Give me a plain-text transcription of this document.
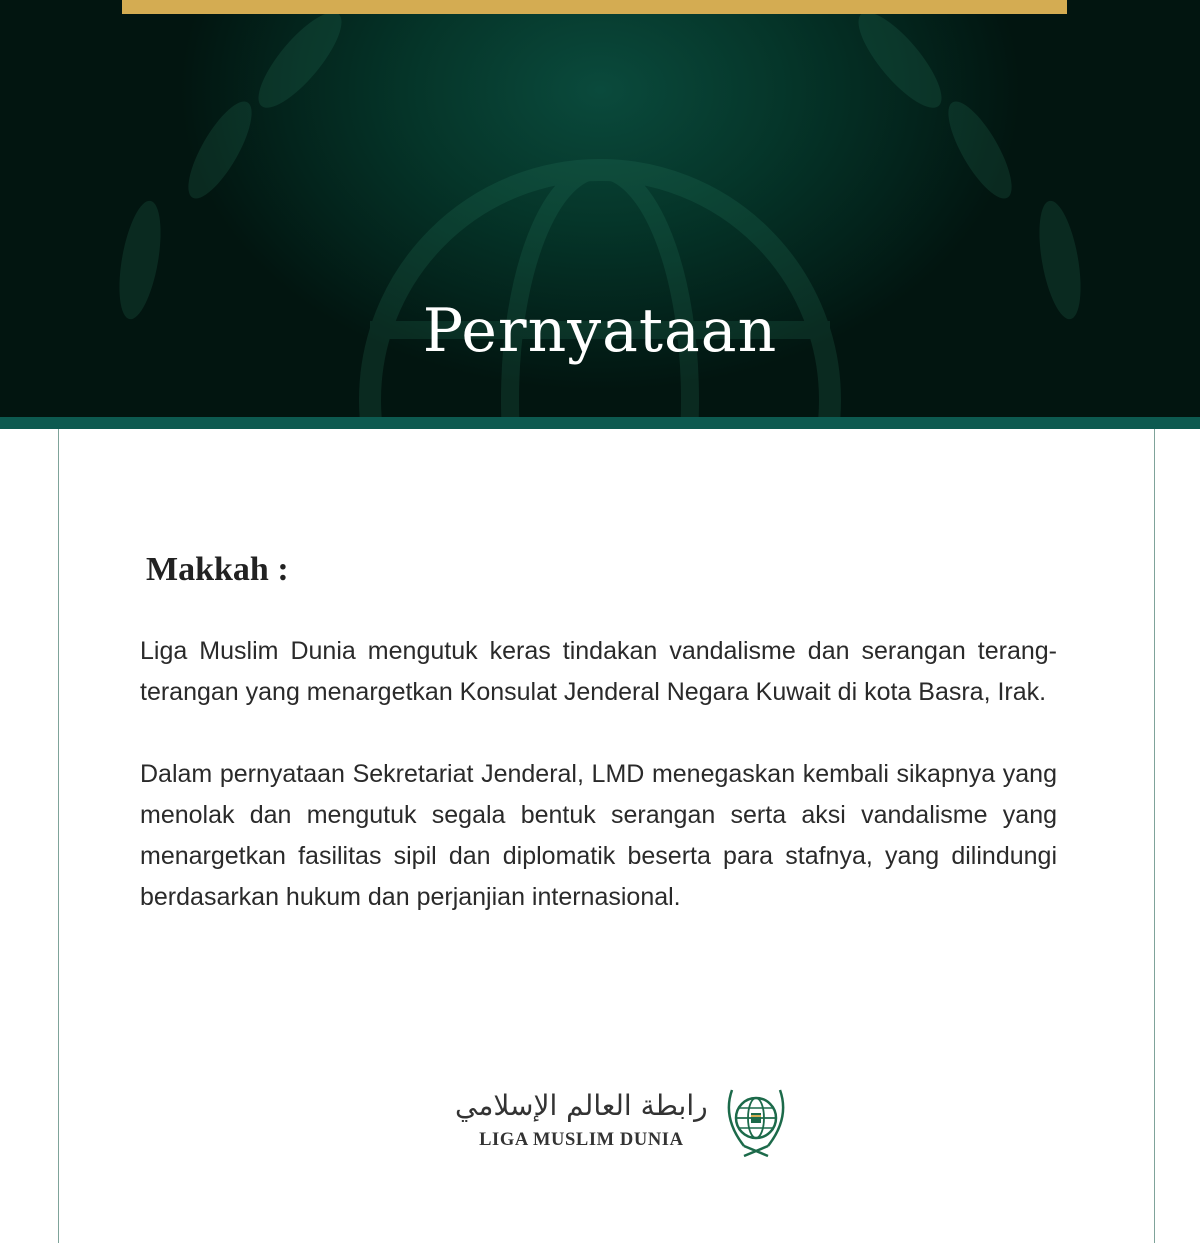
Pernyataan
Makkah :

Liga Muslim Dunia mengutuk keras tindakan vandalisme dan serangan terang-terangan yang menargetkan Konsulat Jenderal Negara Kuwait di kota Basra, Irak.

Dalam pernyataan Sekretariat Jenderal, LMD menegaskan kembali sikapnya yang menolak dan mengutuk segala bentuk serangan serta aksi vandalisme yang menargetkan fasilitas sipil dan diplomatik beserta para stafnya, yang dilindungi berdasarkan hukum dan perjanjian internasional.

رابطة العالم الإسلامي
LIGA MUSLIM DUNIA
